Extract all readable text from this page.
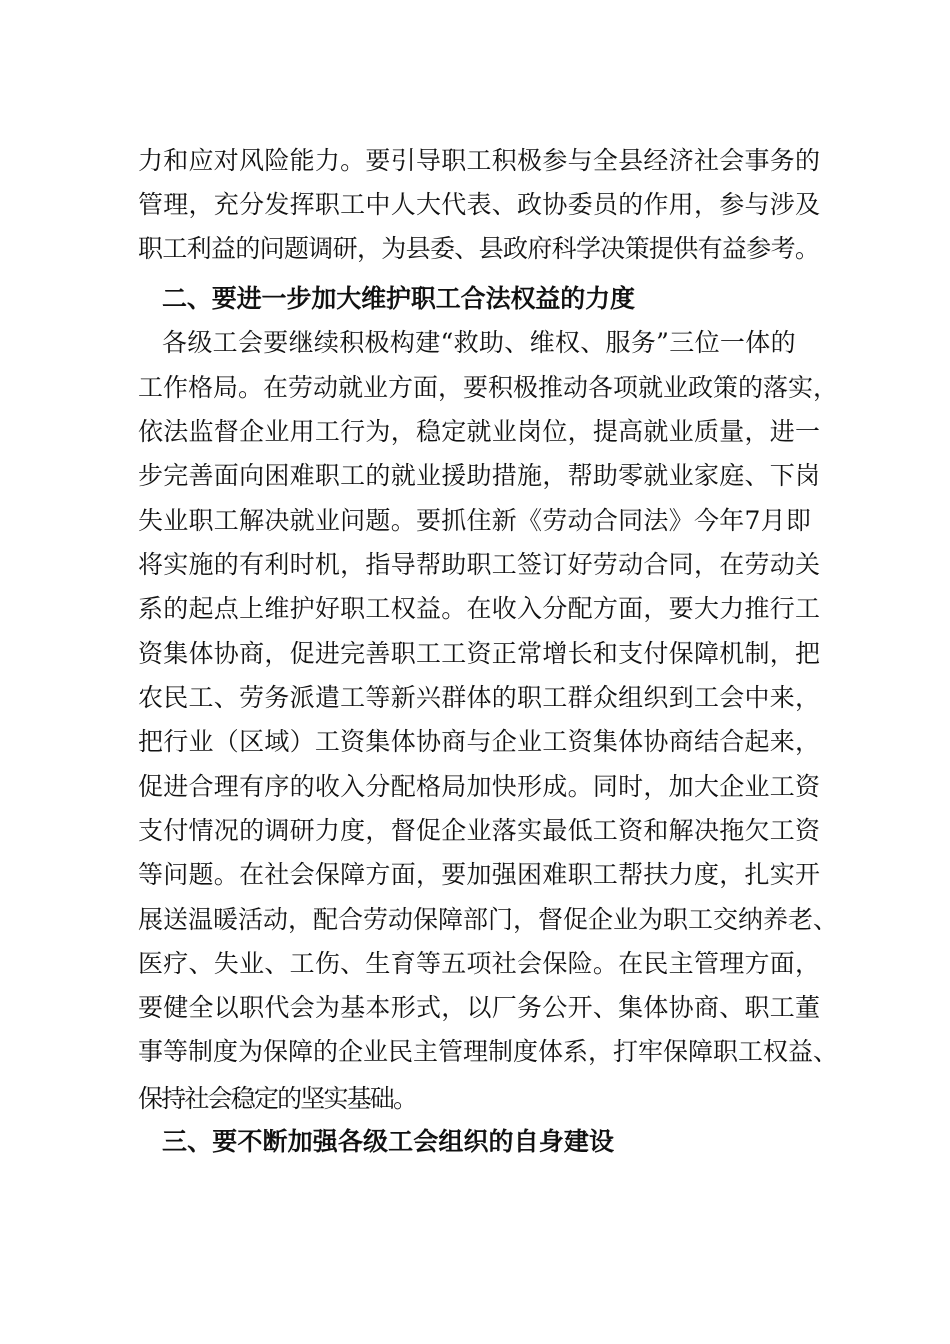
力和应对风险能力。要引导职工积极参与全县经济社会事务的
管理，充分发挥职工中人大代表、政协委员的作用，参与涉及
职工利益的问题调研，为县委、县政府科学决策提供有益参考。
二、要进一步加大维护职工合法权益的力度
各级工会要继续积极构建“救助、维权、服务”三位一体的
工作格局。在劳动就业方面，要积极推动各项就业政策的落实，
依法监督企业用工行为，稳定就业岗位，提高就业质量，进一
步完善面向困难职工的就业援助措施，帮助零就业家庭、下岗
失业职工解决就业问题。要抓住新《劳动合同法》今年7月即
将实施的有利时机，指导帮助职工签订好劳动合同，在劳动关
系的起点上维护好职工权益。在收入分配方面，要大力推行工
资集体协商，促进完善职工工资正常增长和支付保障机制，把
农民工、劳务派遣工等新兴群体的职工群众组织到工会中来，
把行业（区域）工资集体协商与企业工资集体协商结合起来，
促进合理有序的收入分配格局加快形成。同时，加大企业工资
支付情况的调研力度，督促企业落实最低工资和解决拖欠工资
等问题。在社会保障方面，要加强困难职工帮扶力度，扎实开
展送温暖活动，配合劳动保障部门，督促企业为职工交纳养老、
医疗、失业、工伤、生育等五项社会保险。在民主管理方面，
要健全以职代会为基本形式，以厂务公开、集体协商、职工董
事等制度为保障的企业民主管理制度体系，打牢保障职工权益、
保持社会稳定的坚实基础。
三、要不断加强各级工会组织的自身建设
